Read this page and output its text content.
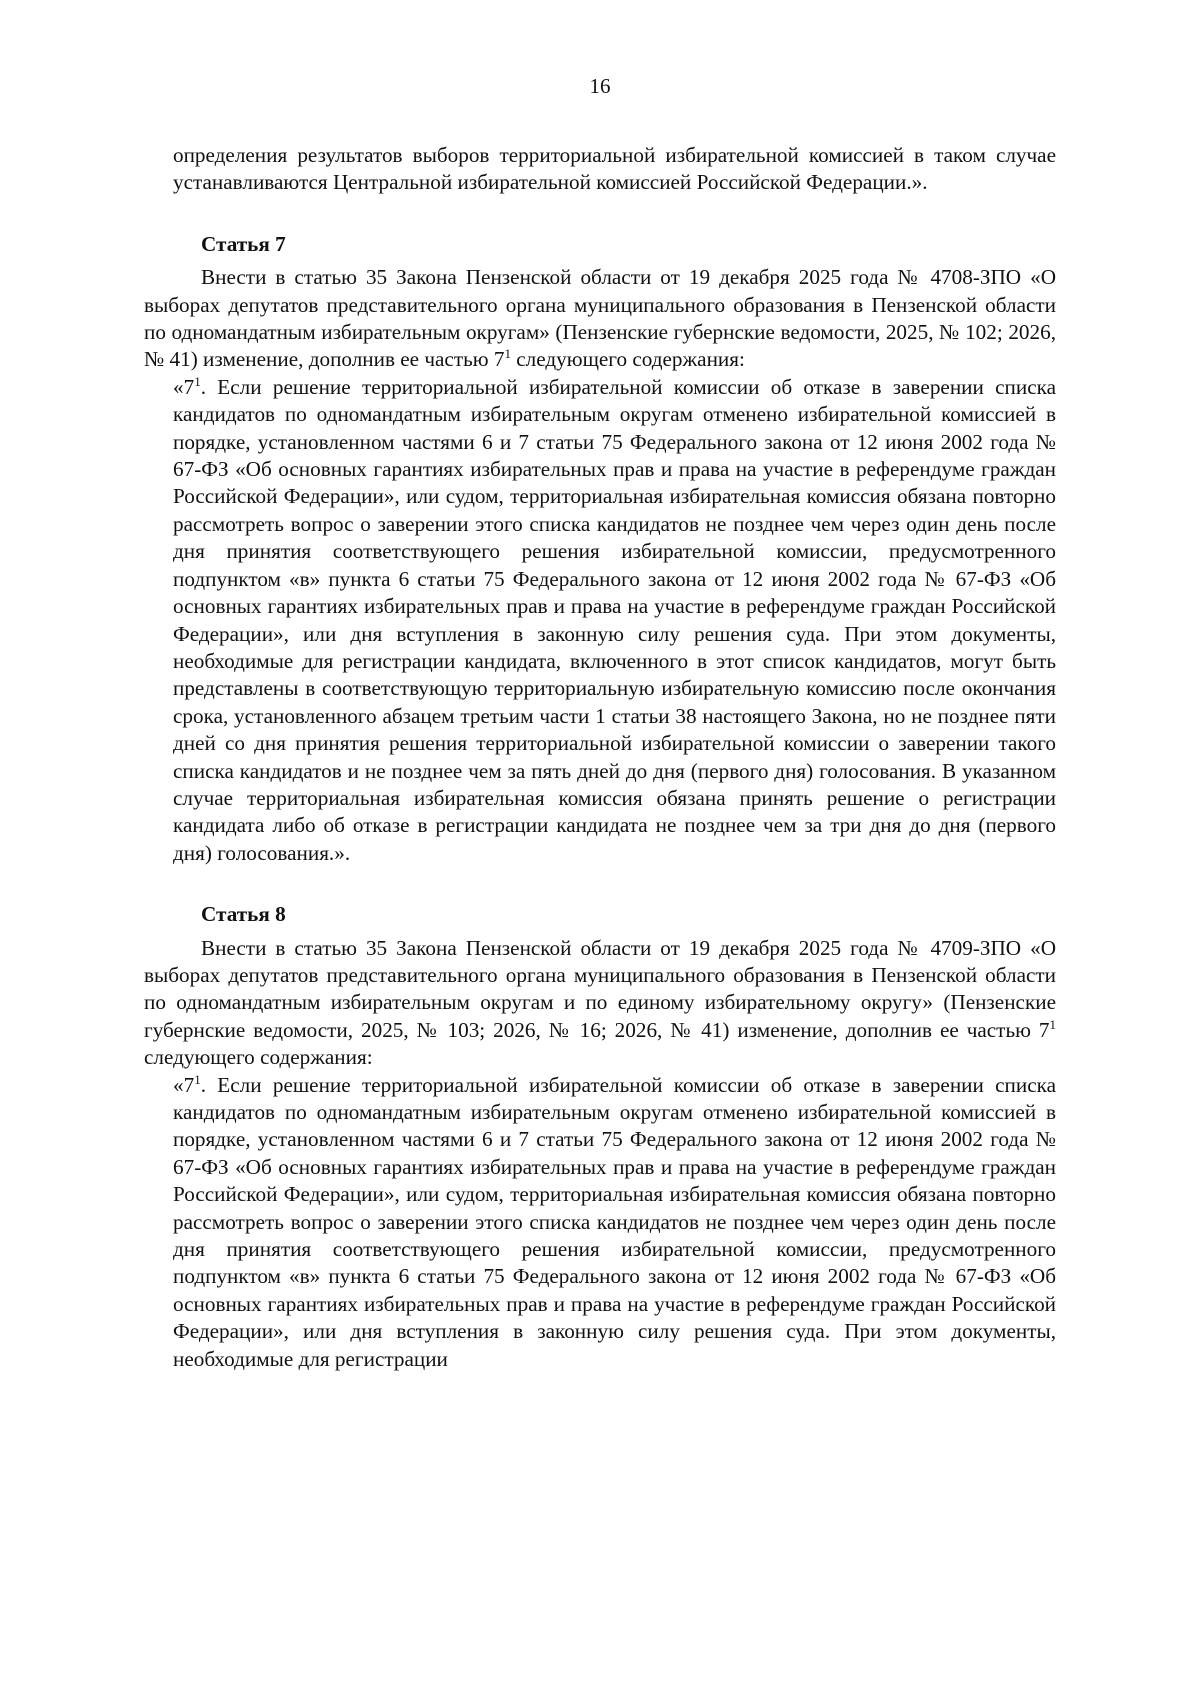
16

определения результатов выборов территориальной избирательной комиссией в таком случае устанавливаются Центральной избирательной комиссией Российской Федерации.».

Статья 7

Внести в статью 35 Закона Пензенской области от 19 декабря 2025 года № 4708-ЗПО «О выборах депутатов представительного органа муниципального образования в Пензенской области по одномандатным избирательным округам» (Пензенские губернские ведомости, 2025, № 102; 2026, № 41) изменение, дополнив ее частью $7^1$ следующего содержания:

«$7^1$. Если решение территориальной избирательной комиссии об отказе в заверении списка кандидатов по одномандатным избирательным округам отменено избирательной комиссией в порядке, установленном частями 6 и 7 статьи 75 Федерального закона от 12 июня 2002 года № 67-ФЗ «Об основных гарантиях избирательных прав и права на участие в референдуме граждан Российской Федерации», или судом, территориальная избирательная комиссия обязана повторно рассмотреть вопрос о заверении этого списка кандидатов не позднее чем через один день после дня принятия соответствующего решения избирательной комиссии, предусмотренного подпунктом «в» пункта 6 статьи 75 Федерального закона от 12 июня 2002 года № 67-ФЗ «Об основных гарантиях избирательных прав и права на участие в референдуме граждан Российской Федерации», или дня вступления в законную силу решения суда. При этом документы, необходимые для регистрации кандидата, включенного в этот список кандидатов, могут быть представлены в соответствующую территориальную избирательную комиссию после окончания срока, установленного абзацем третьим части 1 статьи 38 настоящего Закона, но не позднее пяти дней со дня принятия решения территориальной избирательной комиссии о заверении такого списка кандидатов и не позднее чем за пять дней до дня (первого дня) голосования. В указанном случае территориальная избирательная комиссия обязана принять решение о регистрации кандидата либо об отказе в регистрации кандидата не позднее чем за три дня до дня (первого дня) голосования.».

Статья 8

Внести в статью 35 Закона Пензенской области от 19 декабря 2025 года № 4709-ЗПО «О выборах депутатов представительного органа муниципального образования в Пензенской области по одномандатным избирательным округам и по единому избирательному округу» (Пензенские губернские ведомости, 2025, № 103; 2026, № 16; 2026, № 41) изменение, дополнив ее частью $7^1$ следующего содержания:

«$7^1$. Если решение территориальной избирательной комиссии об отказе в заверении списка кандидатов по одномандатным избирательным округам отменено избирательной комиссией в порядке, установленном частями 6 и 7 статьи 75 Федерального закона от 12 июня 2002 года № 67-ФЗ «Об основных гарантиях избирательных прав и права на участие в референдуме граждан Российской Федерации», или судом, территориальная избирательная комиссия обязана повторно рассмотреть вопрос о заверении этого списка кандидатов не позднее чем через один день после дня принятия соответствующего решения избирательной комиссии, предусмотренного подпунктом «в» пункта 6 статьи 75 Федерального закона от 12 июня 2002 года № 67-ФЗ «Об основных гарантиях избирательных прав и права на участие в референдуме граждан Российской Федерации», или дня вступления в законную силу решения суда. При этом документы, необходимые для регистрации
